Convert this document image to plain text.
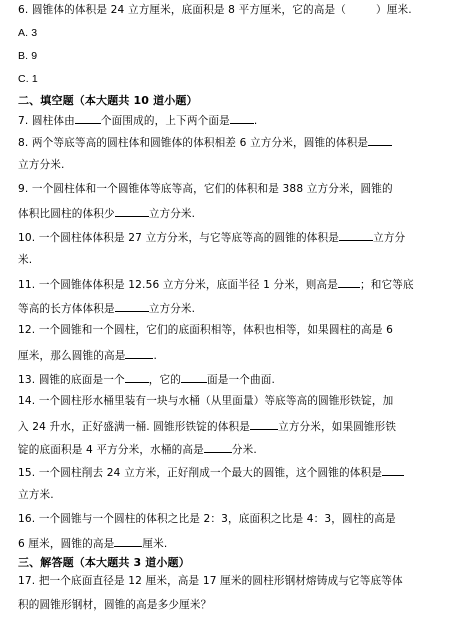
6. 圆锥体的体积是 24 立方厘米，底面积是 8 平方厘米，它的高是（	）厘米.
A. 3
B. 9
C. 1
二、填空题（本大题共 10 道小题）
7. 圆柱体由 个面围成的，上下两个面是 .
8. 两个等底等高的圆柱体和圆锥体的体积相差 6 立方分米，圆锥的体积是
立方分米.
9. 一个圆柱体和一个圆锥体等底等高，它们的体积和是 388 立方分米，圆锥的
体积比圆柱的体积少	立方分米.
10. 一个圆柱体体积是 27 立方分米，与它等底等高的圆锥的体积是	立方分
米.
11. 一个圆锥体体积是 12.56 立方分米，底面半径 1 分米，则高是 ；和它等底
等高的长方体体积是	立方分米.
12. 一个圆锥和一个圆柱，它们的底面积相等，体积也相等，如果圆柱的高是 6
厘米，那么圆锥的高是	.
13. 圆锥的底面是一个 ，它的 面是一个曲面.
14. 一个圆柱形水桶里装有一块与水桶（从里面量）等底等高的圆锥形铁锭，加
入 24 升水，正好盛满一桶. 圆锥形铁锭的体积是	立方分米，如果圆锥形铁
锭的底面积是 4 平方分米，水桶的高是	分米.
15. 一个圆柱削去 24 立方米，正好削成一个最大的圆锥，这个圆锥的体积是
立方米.
16. 一个圆锥与一个圆柱的体积之比是 2：3，底面积之比是 4：3，圆柱的高是
6 厘米，圆锥的高是	厘米.
三、解答题（本大题共 3 道小题）
17. 把一个底面直径是 12 厘米，高是 17 厘米的圆柱形钢材熔铸成与它等底等体
积的圆锥形钢材，圆锥的高是多少厘米？
